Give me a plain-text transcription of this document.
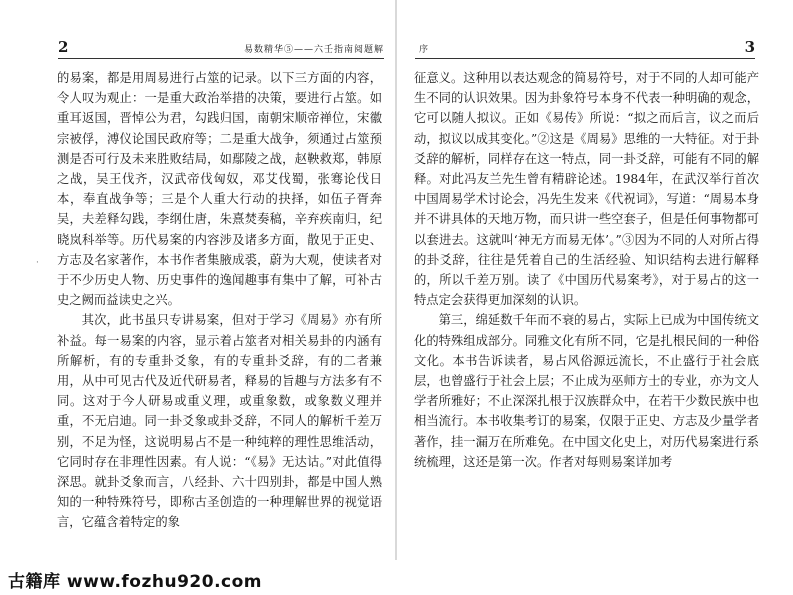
2	易数精华⑤——六壬指南阅题解

的易案，都是用周易进行占筮的记录。以下三方面的内容，令人叹为观止：一是重大政治举措的决策，要进行占筮。如重耳返国，晋悼公为君，勾践归国，南朝宋顺帝禅位，宋徽宗被俘，溥仪论国民政府等；二是重大战争，须通过占筮预测是否可行及未来胜败结局，如鄢陵之战，赵鞅救郑，韩原之战，吴王伐齐，汉武帝伐匈奴，邓艾伐蜀，张骞论伐日本，奉直战争等；三是个人重大行动的抉择，如伍子胥奔吴，夫差释勾践，李纲仕唐，朱熹焚奏稿，辛弃疾南归，纪晓岚科举等。历代易案的内容涉及诸多方面，散见于正史、方志及名家著作，本书作者集腋成裘，蔚为大观，使读者对于不少历史人物、历史事件的逸闻趣事有集中了解，可补古史之阙而益读史之兴。

其次，此书虽只专讲易案，但对于学习《周易》亦有所补益。每一易案的内容，显示着占筮者对相关易卦的内涵有所解析，有的专重卦爻象，有的专重卦爻辞，有的二者兼用，从中可见古代及近代研易者，释易的旨趣与方法多有不同。这对于今人研易或重义理，或重象数，或象数义理并重，不无启迪。同一卦爻象或卦爻辞，不同人的解析千差万别，不足为怪，这说明易占不是一种纯粹的理性思维活动，它同时存在非理性因素。有人说：“《易》无达诂。”对此值得深思。就卦爻象而言，八经卦、六十四别卦，都是中国人熟知的一种特殊符号，即称古圣创造的一种理解世界的视觉语言，它蕴含着特定的象

·
序	3

征意义。这种用以表达观念的简易符号，对于不同的人却可能产生不同的认识效果。因为卦象符号本身不代表一种明确的观念，它可以随人拟议。正如《易传》所说：“拟之而后言，议之而后动，拟议以成其变化。”②这是《周易》思维的一大特征。对于卦爻辞的解析，同样存在这一特点，同一卦爻辞，可能有不同的解释。对此冯友兰先生曾有精辟论述。1984年，在武汉举行首次中国周易学术讨论会，冯先生发来《代祝词》，写道：“周易本身并不讲具体的天地万物，而只讲一些空套子，但是任何事物都可以套进去。这就叫‘神无方而易无体’。”③因为不同的人对所占得的卦爻辞，往往是凭着自己的生活经验、知识结构去进行解释的，所以千差万别。读了《中国历代易案考》，对于易占的这一特点定会获得更加深刻的认识。

第三，绵延数千年而不衰的易占，实际上已成为中国传统文化的特殊组成部分。同雅文化有所不同，它是扎根民间的一种俗文化。本书告诉读者，易占风俗源远流长，不止盛行于社会底层，也曾盛行于社会上层；不止成为巫师方士的专业，亦为文人学者所雅好；不止深深扎根于汉族群众中，在若干少数民族中也相当流行。本书收集考订的易案，仅限于正史、方志及少量学者著作，挂一漏万在所难免。在中国文化史上，对历代易案进行系统梳理，这还是第一次。作者对每则易案详加考

古籍库 www.fozhu920.com
